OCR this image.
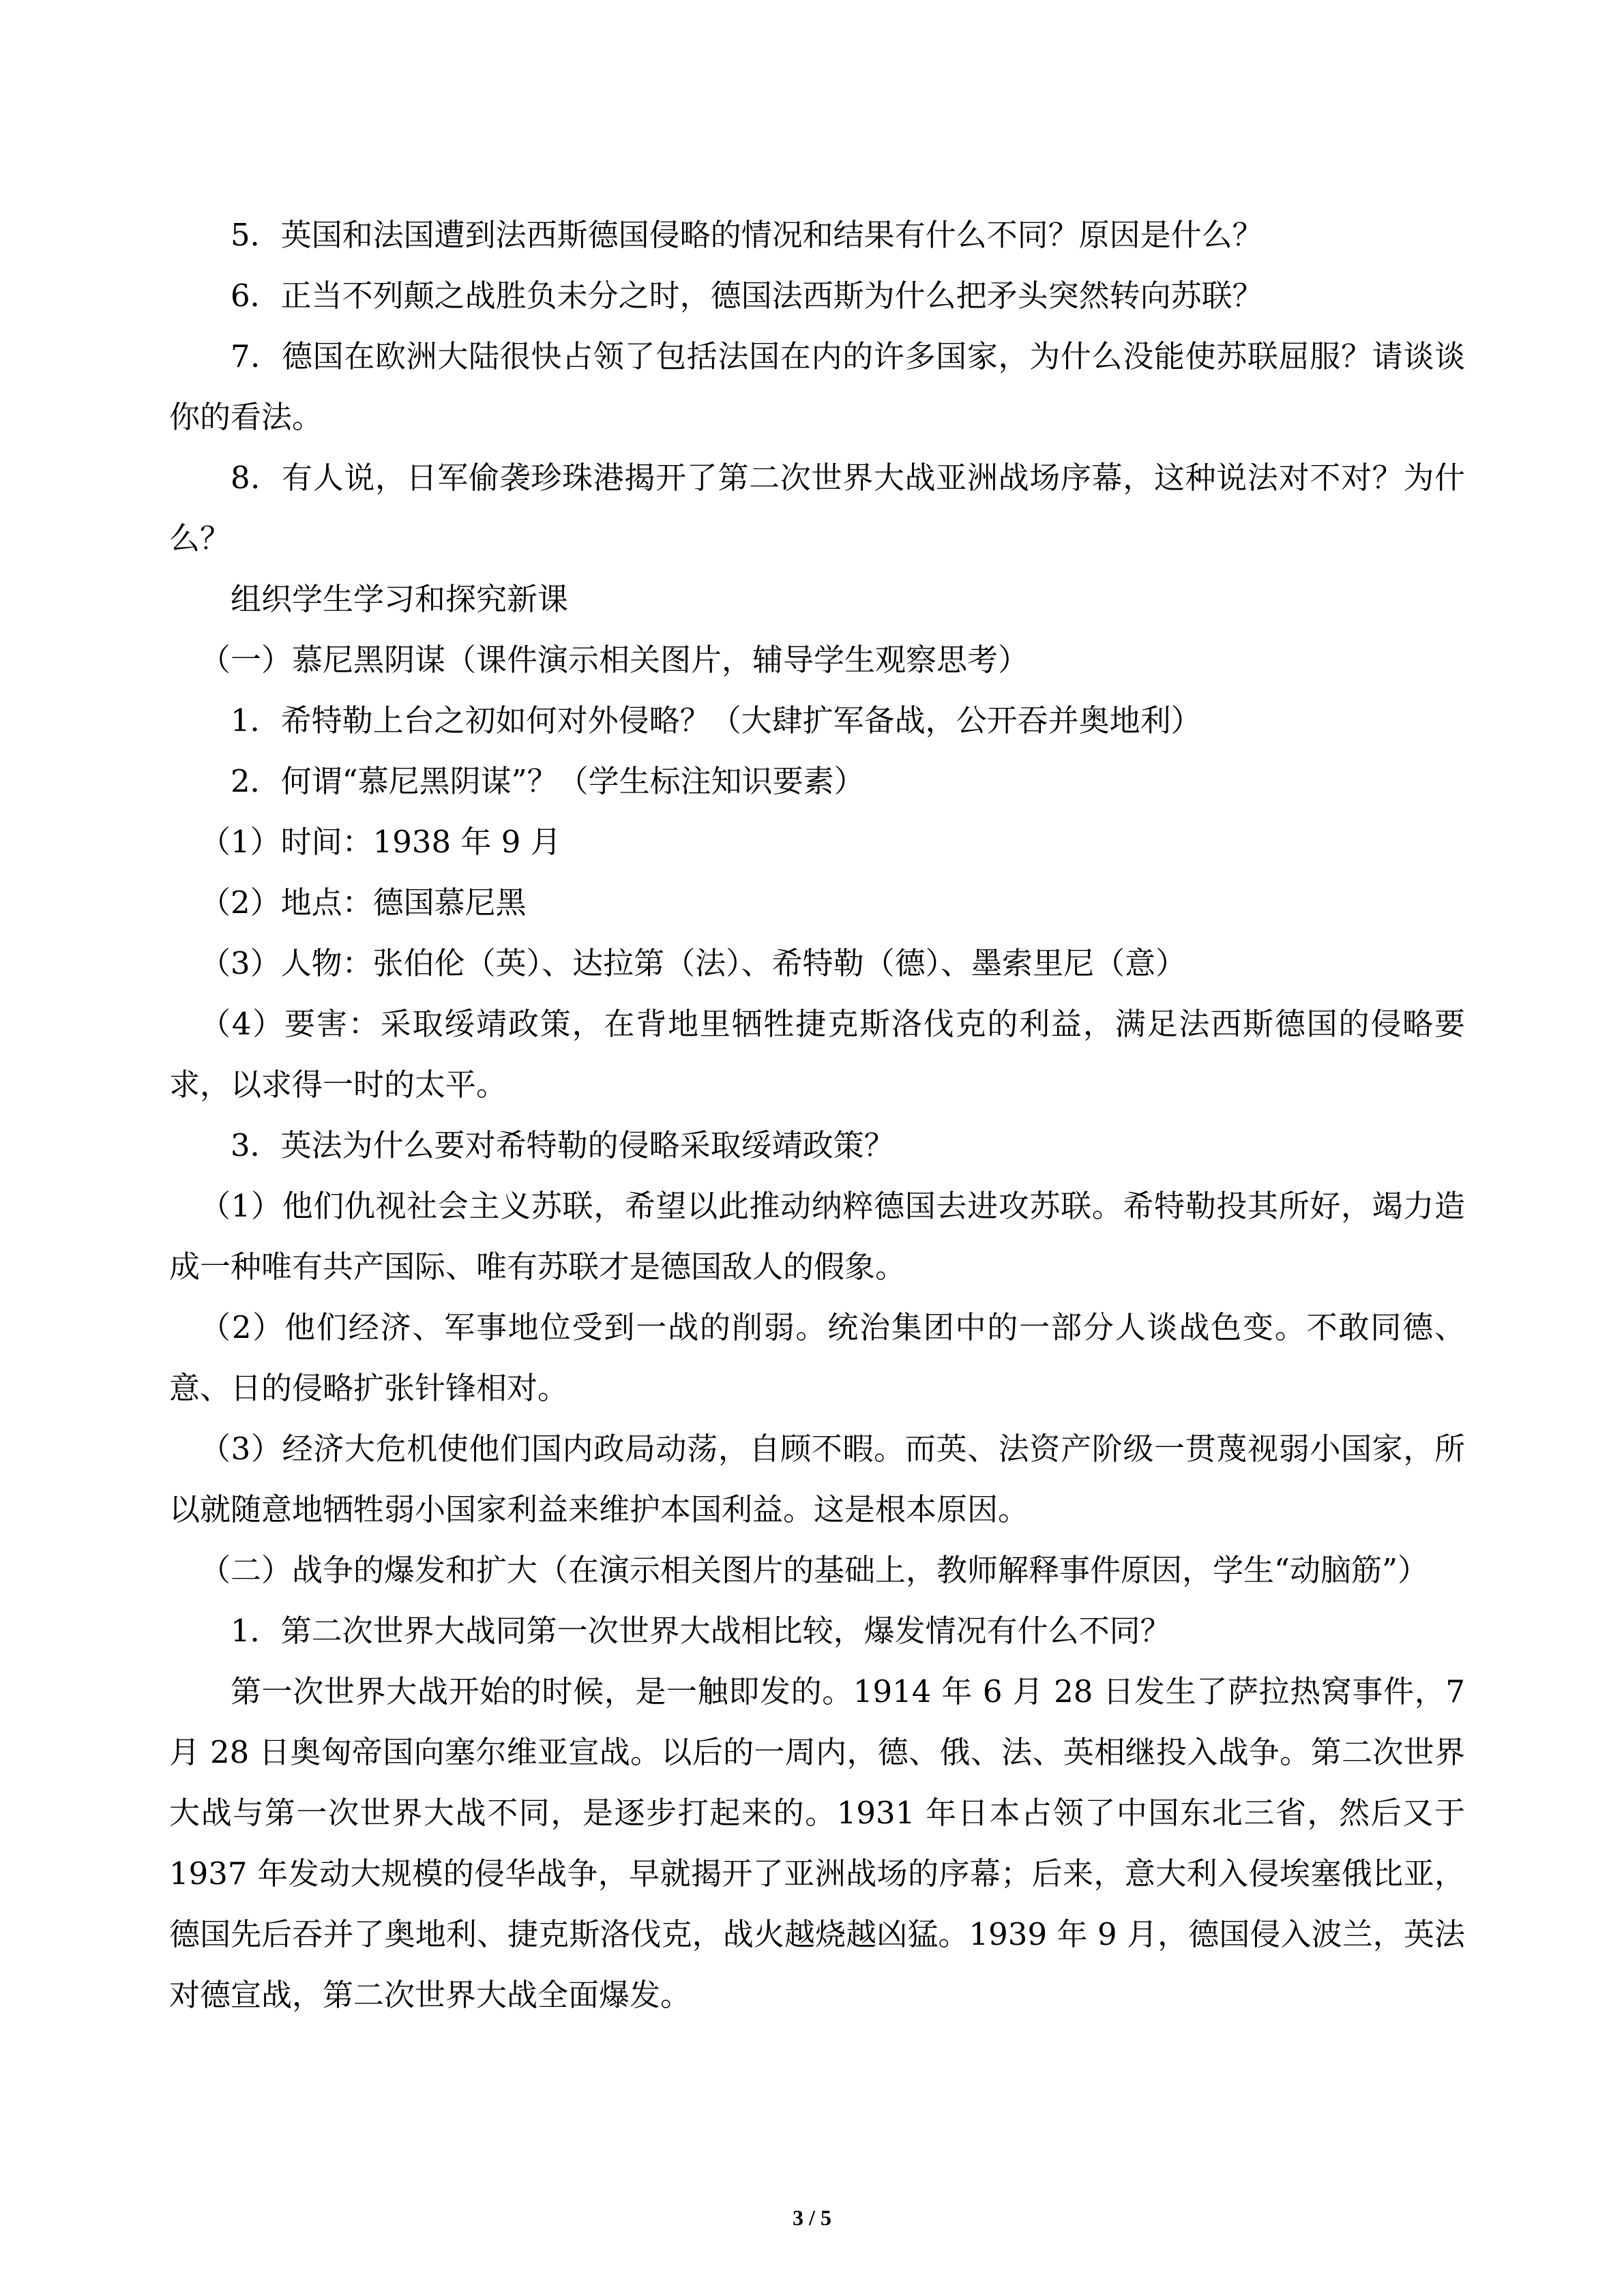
5．英国和法国遭到法西斯德国侵略的情况和结果有什么不同？原因是什么？

6．正当不列颠之战胜负未分之时，德国法西斯为什么把矛头突然转向苏联？

7．德国在欧洲大陆很快占领了包括法国在内的许多国家，为什么没能使苏联屈服？请谈谈你的看法。

8．有人说，日军偷袭珍珠港揭开了第二次世界大战亚洲战场序幕，这种说法对不对？为什么？

组织学生学习和探究新课

（一）慕尼黑阴谋（课件演示相关图片，辅导学生观察思考）

1．希特勒上台之初如何对外侵略？（大肆扩军备战，公开吞并奥地利）

2．何谓“慕尼黑阴谋”？（学生标注知识要素）

（1）时间：1938 年 9 月

（2）地点：德国慕尼黑

（3）人物：张伯伦（英）、达拉第（法）、希特勒（德）、墨索里尼（意）

（4）要害：采取绥靖政策，在背地里牺牲捷克斯洛伐克的利益，满足法西斯德国的侵略要求，以求得一时的太平。

3．英法为什么要对希特勒的侵略采取绥靖政策？

（1）他们仇视社会主义苏联，希望以此推动纳粹德国去进攻苏联。希特勒投其所好，竭力造成一种唯有共产国际、唯有苏联才是德国敌人的假象。

（2）他们经济、军事地位受到一战的削弱。统治集团中的一部分人谈战色变。不敢同德、意、日的侵略扩张针锋相对。

（3）经济大危机使他们国内政局动荡，自顾不暇。而英、法资产阶级一贯蔑视弱小国家，所以就随意地牺牲弱小国家利益来维护本国利益。这是根本原因。

（二）战争的爆发和扩大（在演示相关图片的基础上，教师解释事件原因，学生“动脑筋”）

1．第二次世界大战同第一次世界大战相比较，爆发情况有什么不同？

第一次世界大战开始的时候，是一触即发的。1914 年 6 月 28 日发生了萨拉热窝事件，7 月 28 日奥匈帝国向塞尔维亚宣战。以后的一周内，德、俄、法、英相继投入战争。第二次世界大战与第一次世界大战不同，是逐步打起来的。1931 年日本占领了中国东北三省，然后又于 1937 年发动大规模的侵华战争，早就揭开了亚洲战场的序幕；后来，意大利入侵埃塞俄比亚，德国先后吞并了奥地利、捷克斯洛伐克，战火越烧越凶猛。1939 年 9 月，德国侵入波兰，英法对德宣战，第二次世界大战全面爆发。

3 / 5
